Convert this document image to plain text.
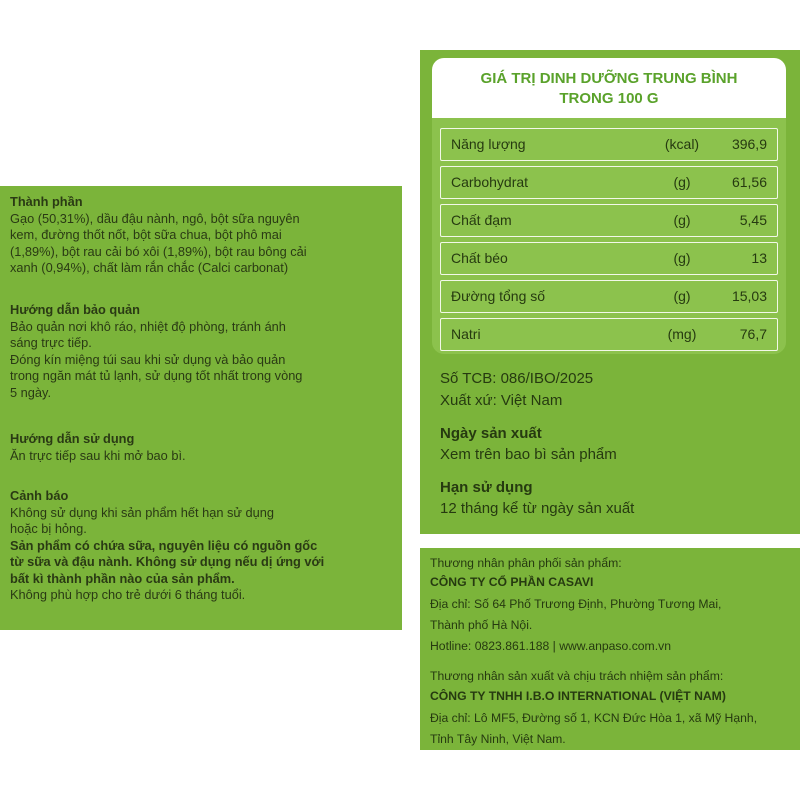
Thành phần

Gạo (50,31%), dầu đậu nành, ngô, bột sữa nguyên

kem, đường thốt nốt, bột sữa chua, bột phô mai

(1,89%), bột rau cải bó xôi (1,89%), bột rau bông cải

xanh (0,94%), chất làm rắn chắc (Calci carbonat)

Hướng dẫn bảo quản

Bảo quản nơi khô ráo, nhiệt độ phòng, tránh ánh

sáng trực tiếp.

Đóng kín miệng túi sau khi sử dụng và bảo quản

trong ngăn mát tủ lạnh, sử dụng tốt nhất trong vòng

5 ngày.

Hướng dẫn sử dụng

Ăn trực tiếp sau khi mở bao bì.

Cảnh báo

Không sử dụng khi sản phẩm hết hạn sử dụng

hoặc bị hỏng.

Sản phẩm có chứa sữa, nguyên liệu có nguồn gốc

từ sữa và đậu nành. Không sử dụng nếu dị ứng với

bất kì thành phần nào của sản phẩm.

Không phù hợp cho trẻ dưới 6 tháng tuổi.

GIÁ TRỊ DINH DƯỠNG TRUNG BÌNH
TRONG 100 G
Năng lượng	(kcal) 396,9
Carbohydrat	(g)	61,56
Chất đạm	(g)	5,45
Chất béo	(g)	13
Đường tổng số	(g)	15,03
Natri	(mg)	76,7
Số TCB: 086/IBO/2025
Xuất xứ: Việt Nam
Ngày sản xuất
Xem trên bao bì sản phẩm
Hạn sử dụng
12 tháng kể từ ngày sản xuất
Thương nhân phân phối sản phẩm:
CÔNG TY CỔ PHẦN CASAVI
Địa chỉ: Số 64 Phố Trương Định, Phường Tương Mai,
Thành phố Hà Nội.
Hotline: 0823.861.188 | www.anpaso.com.vn
Thương nhân sản xuất và chịu trách nhiệm sản phẩm:
CÔNG TY TNHH I.B.O INTERNATIONAL (VIỆT NAM)
Địa chỉ: Lô MF5, Đường số 1, KCN Đức Hòa 1, xã Mỹ Hạnh,
Tỉnh Tây Ninh, Việt Nam.
